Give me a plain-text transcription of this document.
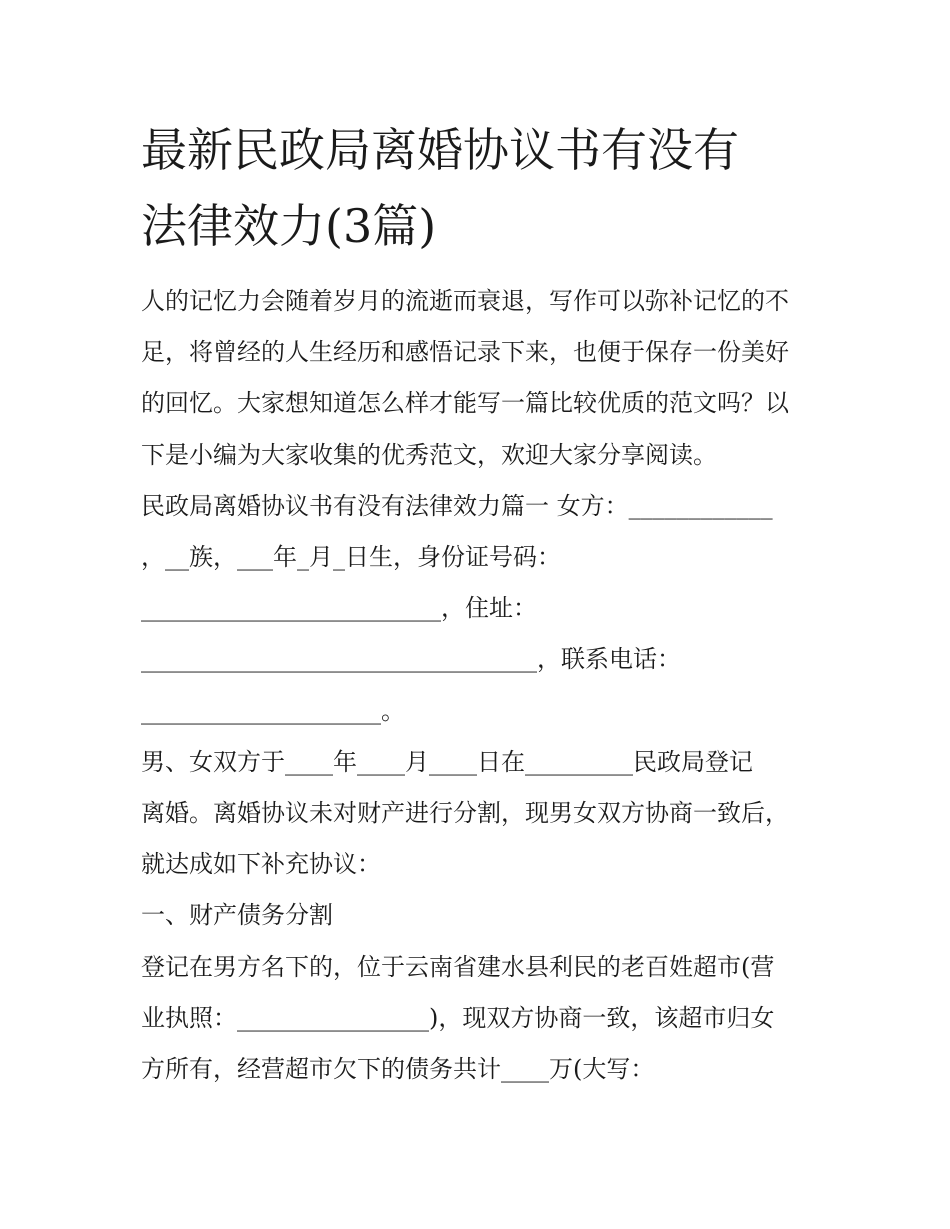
最新民政局离婚协议书有没有
法律效力(3篇)

人的记忆力会随着岁月的流逝而衰退，写作可以弥补记忆的不
足，将曾经的人生经历和感悟记录下来，也便于保存一份美好
的回忆。大家想知道怎么样才能写一篇比较优质的范文吗？以
下是小编为大家收集的优秀范文，欢迎大家分享阅读。

民政局离婚协议书有没有法律效力篇一 女方：____________
，__族，___年_月_日生，身份证号码：
_________________________，住址：
_________________________________，联系电话：
____________________。

男、女双方于____年____月____日在_________民政局登记
离婚。离婚协议未对财产进行分割，现男女双方协商一致后，
就达成如下补充协议：

一、财产债务分割

登记在男方名下的，位于云南省建水县利民的老百姓超市(营
业执照：________________)，现双方协商一致，该超市归女
方所有，经营超市欠下的债务共计____万(大写：
